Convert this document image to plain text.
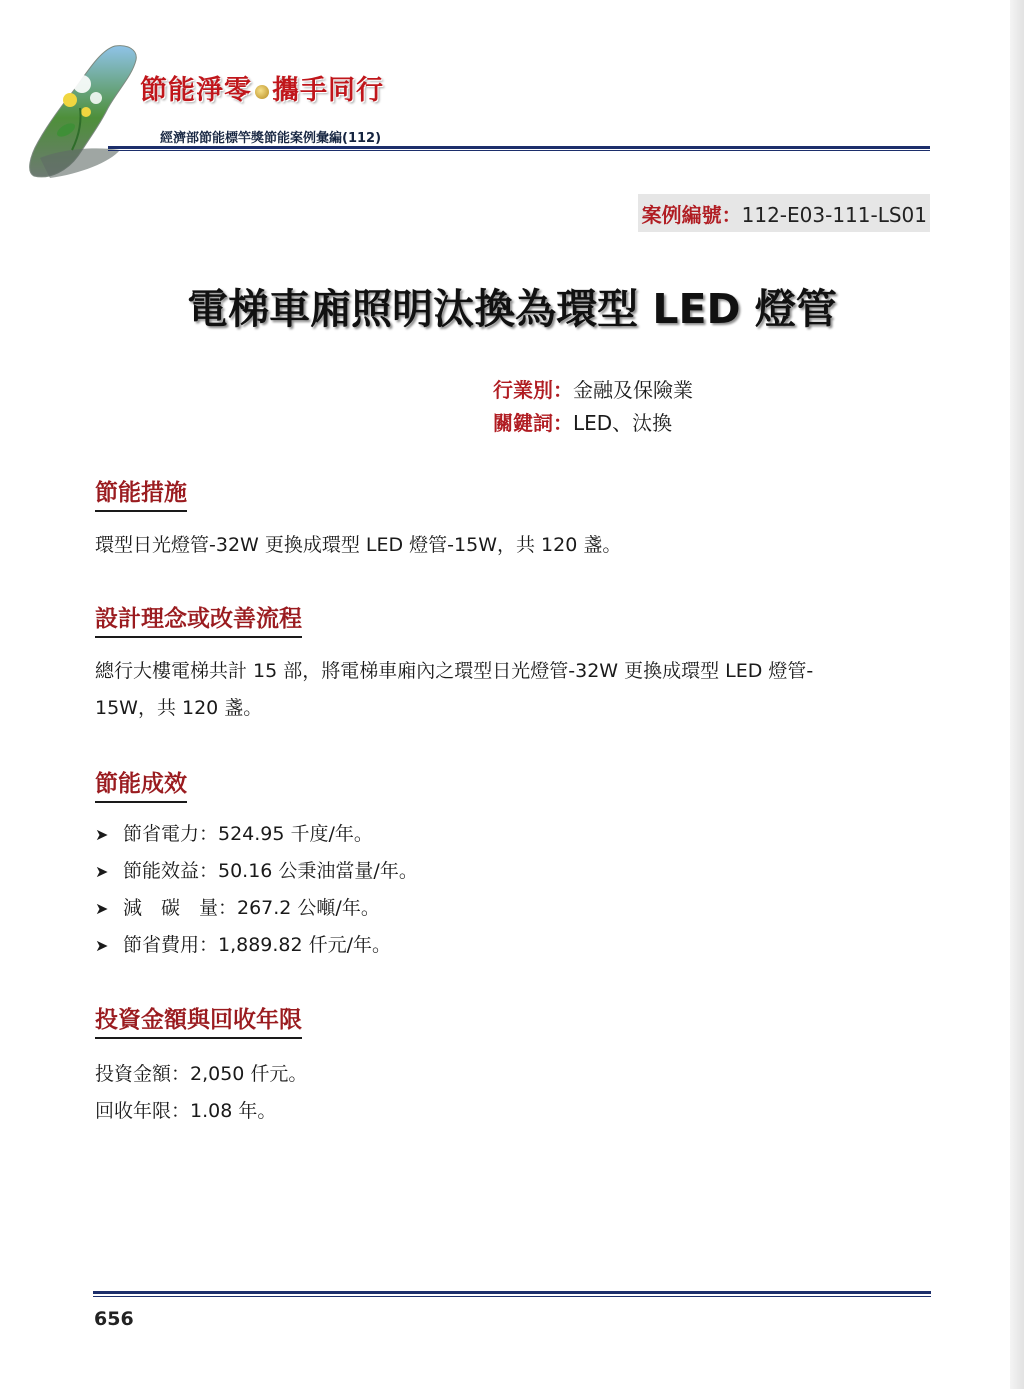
節能淨零 攜手同行
經濟部節能標竿獎節能案例彙編(112)
案例編號：112-E03-111-LS01
電梯車廂照明汰換為環型 LED 燈管
行業別：金融及保險業
關鍵詞：LED、汰換
節能措施
環型日光燈管-32W 更換成環型 LED 燈管-15W，共 120 盞。
設計理念或改善流程
總行大樓電梯共計 15 部，將電梯車廂內之環型日光燈管-32W 更換成環型 LED 燈管-
15W，共 120 盞。
節能成效
➤ 節省電力：524.95 千度/年。
➤ 節能效益：50.16 公秉油當量/年。
➤ 減　碳　量：267.2 公噸/年。
➤ 節省費用：1,889.82 仟元/年。
投資金額與回收年限
投資金額：2,050 仟元。
回收年限：1.08 年。
656
